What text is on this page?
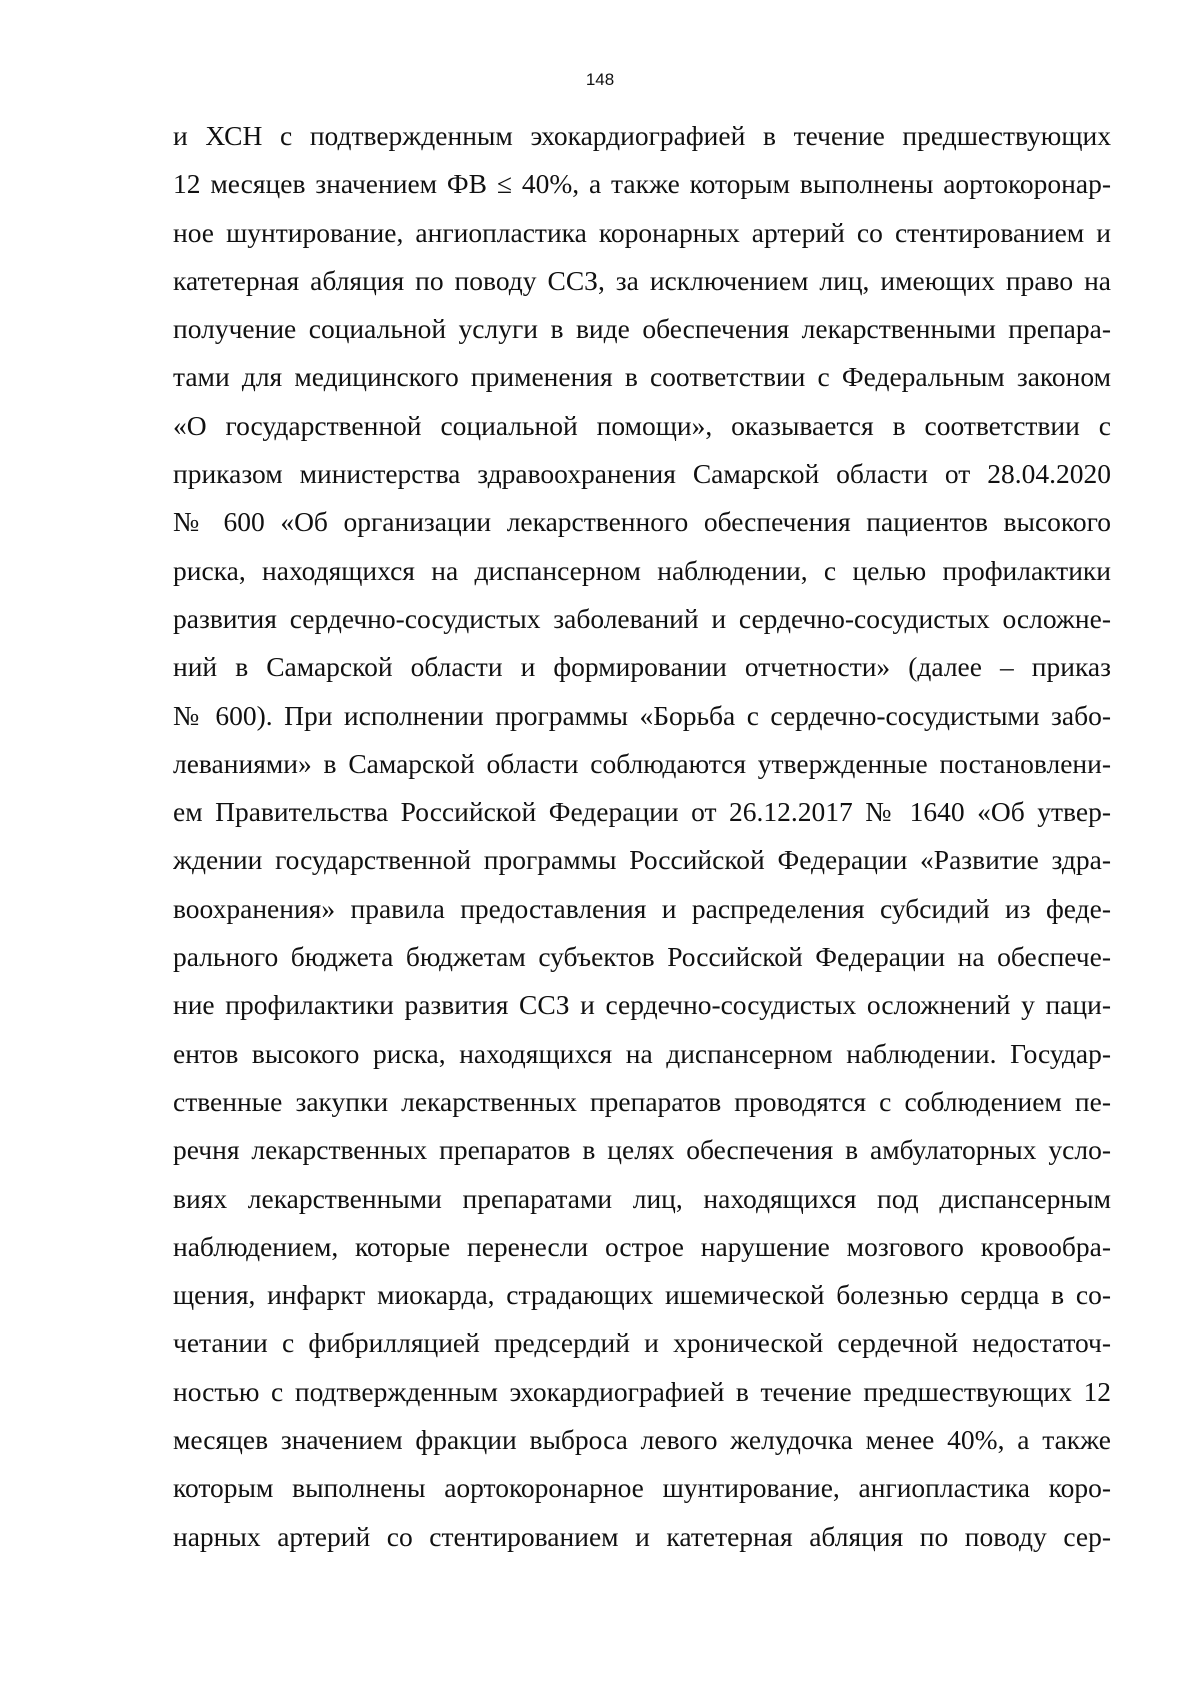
148
и ХСН с подтвержденным эхокардиографией в течение предшествующих
12 месяцев значением ФВ ≤ 40%, а также которым выполнены аортокоронар-
ное шунтирование, ангиопластика коронарных артерий со стентированием и
катетерная абляция по поводу ССЗ, за исключением лиц, имеющих право на
получение социальной услуги в виде обеспечения лекарственными препара-
тами для медицинского применения в соответствии с Федеральным законом
«О государственной социальной помощи», оказывается в соответствии с
приказом министерства здравоохранения Самарской области от 28.04.2020
№ 600 «Об организации лекарственного обеспечения пациентов высокого
риска, находящихся на диспансерном наблюдении, с целью профилактики
развития сердечно-сосудистых заболеваний и сердечно-сосудистых осложне-
ний в Самарской области и формировании отчетности» (далее – приказ
№ 600). При исполнении программы «Борьба с сердечно-сосудистыми забо-
леваниями» в Самарской области соблюдаются утвержденные постановлени-
ем Правительства Российской Федерации от 26.12.2017 № 1640 «Об утвер-
ждении государственной программы Российской Федерации «Развитие здра-
воохранения» правила предоставления и распределения субсидий из феде-
рального бюджета бюджетам субъектов Российской Федерации на обеспече-
ние профилактики развития ССЗ и сердечно-сосудистых осложнений у паци-
ентов высокого риска, находящихся на диспансерном наблюдении. Государ-
ственные закупки лекарственных препаратов проводятся с соблюдением пе-
речня лекарственных препаратов в целях обеспечения в амбулаторных усло-
виях лекарственными препаратами лиц, находящихся под диспансерным
наблюдением, которые перенесли острое нарушение мозгового кровообра-
щения, инфаркт миокарда, страдающих ишемической болезнью сердца в со-
четании с фибрилляцией предсердий и хронической сердечной недостаточ-
ностью с подтвержденным эхокардиографией в течение предшествующих 12
месяцев значением фракции выброса левого желудочка менее 40%, а также
которым выполнены аортокоронарное шунтирование, ангиопластика коро-
нарных артерий со стентированием и катетерная абляция по поводу сер-
